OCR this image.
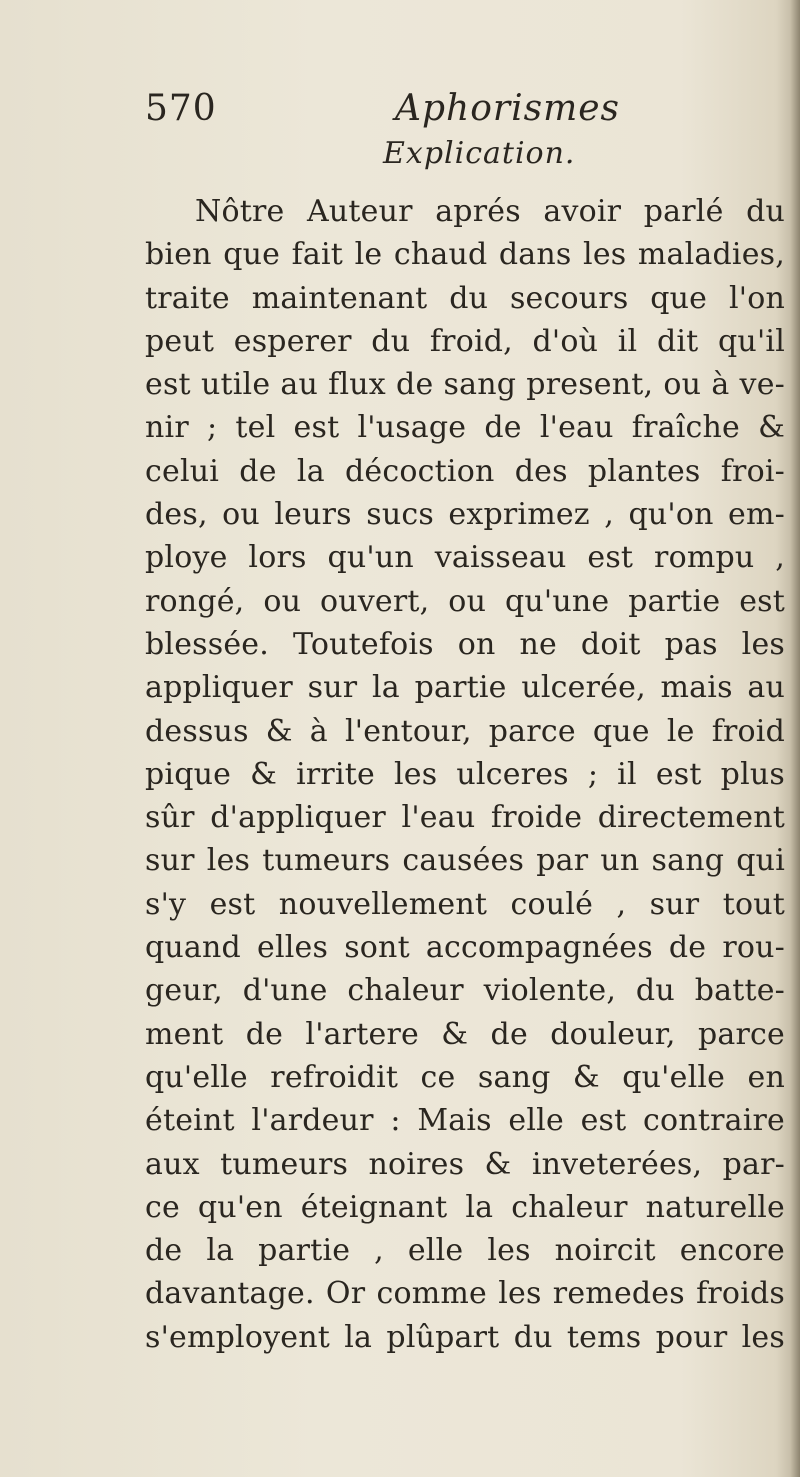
570	Aphorismes
Explication.
Nôtre Auteur aprés avoir parlé du
bien que fait le chaud dans les maladies,
traite maintenant du secours que l'on
peut esperer du froid, d'où il dit qu'il
est utile au flux de sang present, ou à ve-
nir ; tel est l'usage de l'eau fraîche &
celui de la décoction des plantes froi-
des, ou leurs sucs exprimez , qu'on em-
ploye lors qu'un vaisseau est rompu ,
rongé, ou ouvert, ou qu'une partie est
blessée. Toutefois on ne doit pas les
appliquer sur la partie ulcerée, mais au
dessus & à l'entour, parce que le froid
pique & irrite les ulceres ; il est plus
sûr d'appliquer l'eau froide directement
sur les tumeurs causées par un sang qui
s'y est nouvellement coulé , sur tout
quand elles sont accompagnées de rou-
geur, d'une chaleur violente, du batte-
ment de l'artere & de douleur, parce
qu'elle refroidit ce sang & qu'elle en
éteint l'ardeur : Mais elle est contraire
aux tumeurs noires & inveterées, par-
ce qu'en éteignant la chaleur naturelle
de la partie , elle les noircit encore
davantage. Or comme les remedes froids
s'employent la plûpart du tems pour les
